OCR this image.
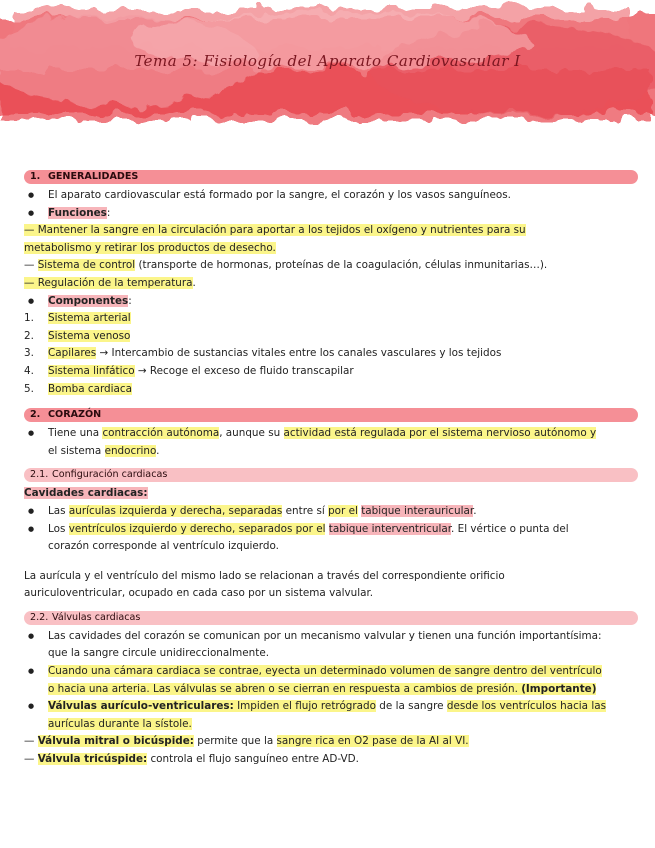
Tema 5: Fisiología del Aparato Cardiovascular I
1. GENERALIDADES
● El aparato cardiovascular está formado por la sangre, el corazón y los vasos sanguíneos.
● Funciones:
— Mantener la sangre en la circulación para aportar a los tejidos el oxígeno y nutrientes para su
metabolismo y retirar los productos de desecho.
— Sistema de control (transporte de hormonas, proteínas de la coagulación, células inmunitarias…).
— Regulación de la temperatura.
● Componentes:
1. Sistema arterial
2. Sistema venoso
3. Capilares → Intercambio de sustancias vitales entre los canales vasculares y los tejidos
4. Sistema linfático → Recoge el exceso de fluido transcapilar
5. Bomba cardiaca
2. CORAZÓN
● Tiene una contracción autónoma, aunque su actividad está regulada por el sistema nervioso autónomo y
el sistema endocrino.
2.1. Configuración cardiacas
Cavidades cardiacas:
● Las aurículas izquierda y derecha, separadas entre sí por el tabique interauricular.
● Los ventrículos izquierdo y derecho, separados por el tabique interventricular. El vértice o punta del
corazón corresponde al ventrículo izquierdo.
La aurícula y el ventrículo del mismo lado se relacionan a través del correspondiente orificio
auriculoventricular, ocupado en cada caso por un sistema valvular.
2.2. Válvulas cardiacas
● Las cavidades del corazón se comunican por un mecanismo valvular y tienen una función importantísima:
que la sangre circule unidireccionalmente.
● Cuando una cámara cardiaca se contrae, eyecta un determinado volumen de sangre dentro del ventrículo
o hacia una arteria. Las válvulas se abren o se cierran en respuesta a cambios de presión. (Importante)
● Válvulas aurículo-ventriculares: Impiden el flujo retrógrado de la sangre desde los ventrículos hacia las
aurículas durante la sístole.
— Válvula mitral o bicúspide: permite que la sangre rica en O2 pase de la AI al VI.
— Válvula tricúspide: controla el flujo sanguíneo entre AD-VD.
